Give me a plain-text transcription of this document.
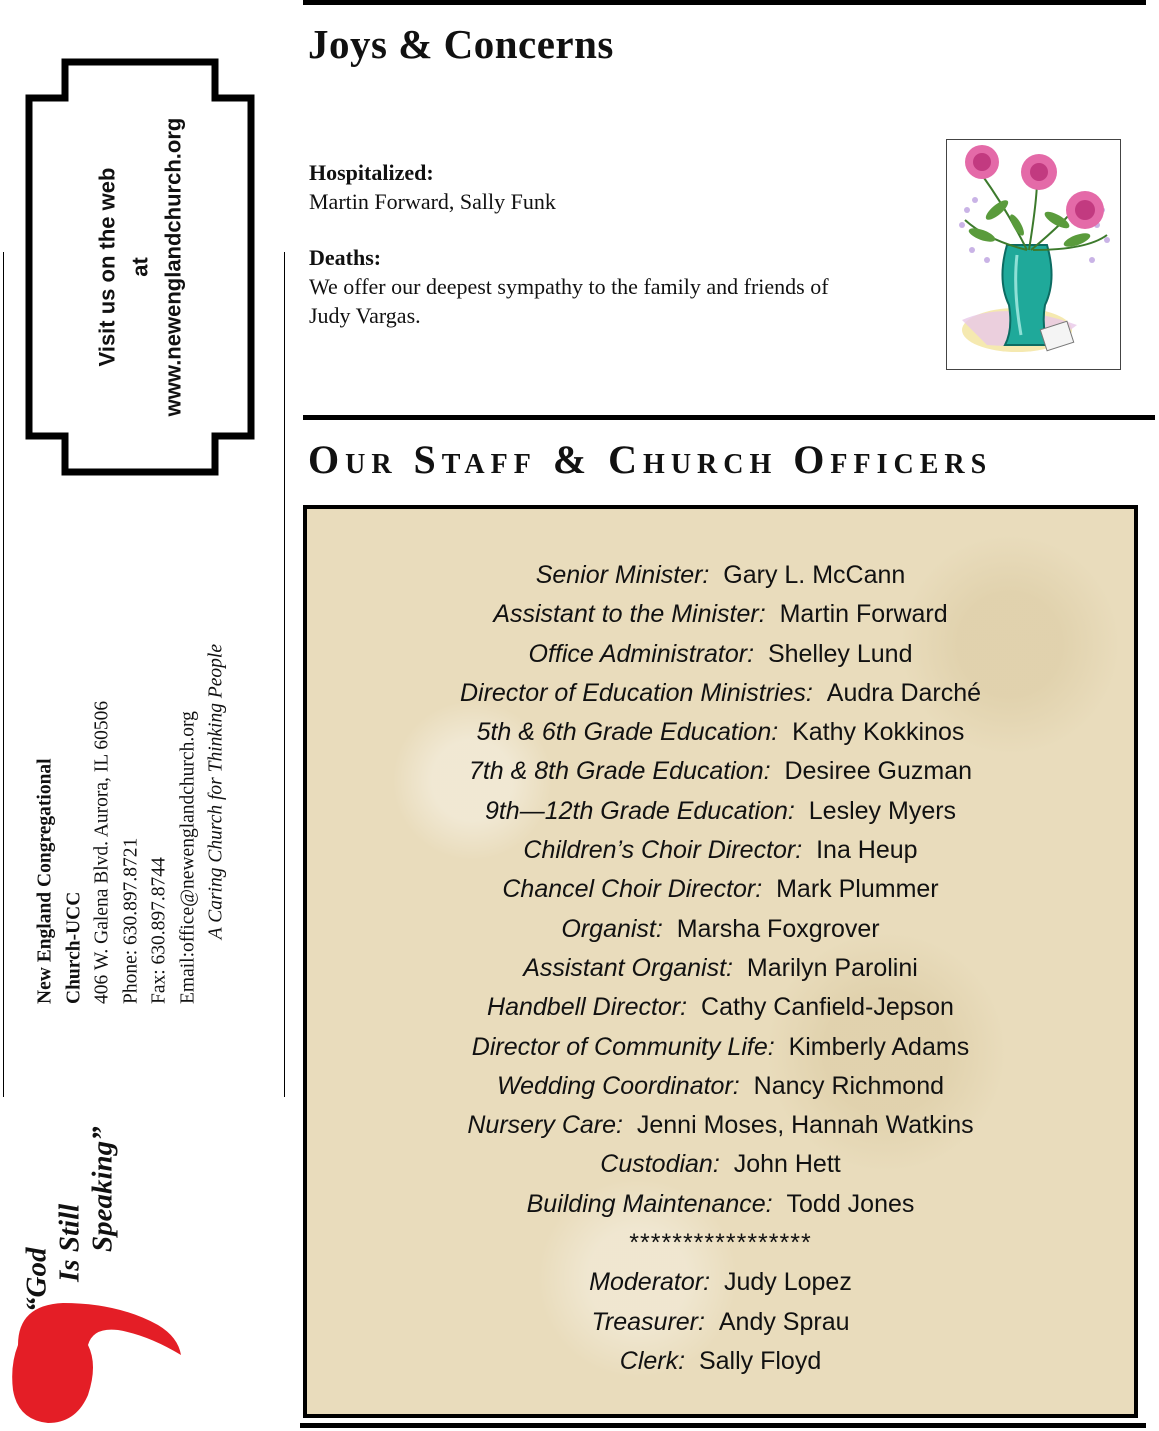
Joys & Concerns
Hospitalized:
Martin Forward, Sally Funk
Deaths:
We offer our deepest sympathy to the family and friends of
Judy Vargas.
Our Staff & Church Officers
Senior Minister: Gary L. McCann
Assistant to the Minister: Martin Forward
Office Administrator: Shelley Lund
Director of Education Ministries: Audra Darché
5th & 6th Grade Education: Kathy Kokkinos
7th & 8th Grade Education: Desiree Guzman
9th—12th Grade Education: Lesley Myers
Children’s Choir Director: Ina Heup
Chancel Choir Director: Mark Plummer
Organist: Marsha Foxgrover
Assistant Organist: Marilyn Parolini
Handbell Director: Cathy Canfield-Jepson
Director of Community Life: Kimberly Adams
Wedding Coordinator: Nancy Richmond
Nursery Care: Jenni Moses, Hannah Watkins
Custodian: John Hett
Building Maintenance: Todd Jones
*****************
Moderator: Judy Lopez
Treasurer: Andy Sprau
Clerk: Sally Floyd
Visit us on the web at www.newenglandchurch.org
New England Congregational Church-UCC 406 W. Galena Blvd. Aurora, IL 60506 Phone: 630.897.8721 Fax: 630.897.8744 Email:office@newenglandchurch.org A Caring Church for Thinking People
“God Is Still Speaking”
